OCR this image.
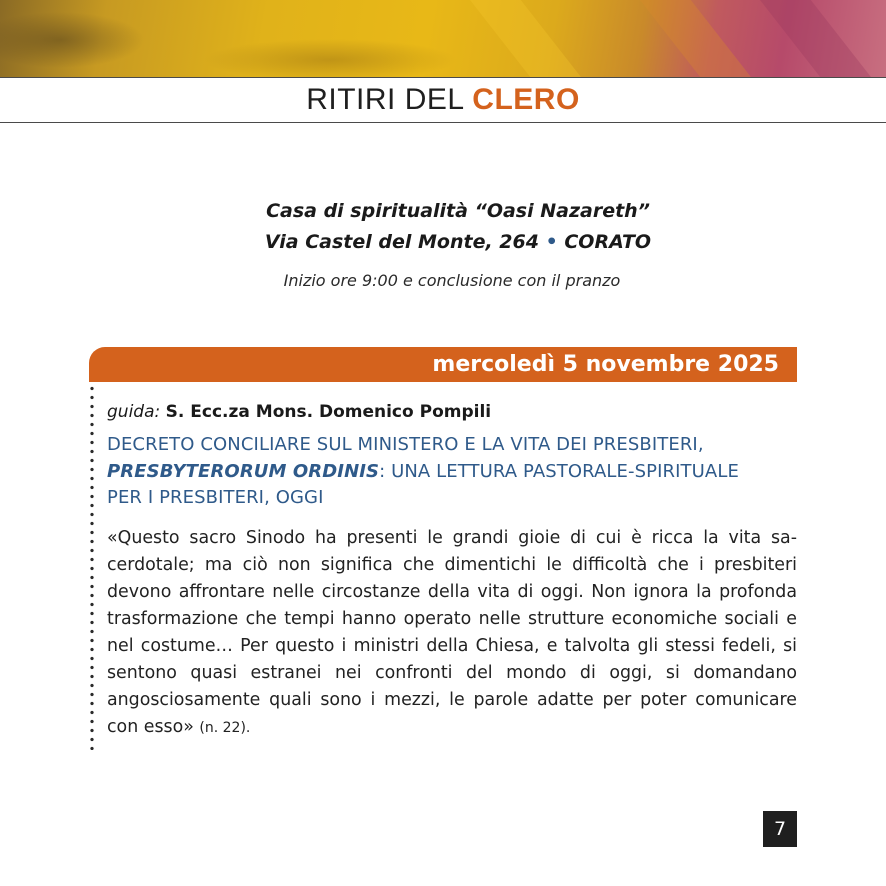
RITIRI DEL CLERO
Casa di spiritualità “Oasi Nazareth”
Via Castel del Monte, 264 • CORATO
Inizio ore 9:00 e conclusione con il pranzo
mercoledì 5 novembre 2025
guida: S. Ecc.za Mons. Domenico Pompili
DECRETO CONCILIARE SUL MINISTERO E LA VITA DEI PRESBITERI,
PRESBYTERORUM ORDINIS: UNA LETTURA PASTORALE-SPIRITUALE
PER I PRESBITERI, OGGI

«Questo sacro Sinodo ha presenti le grandi gioie di cui è ricca la vita sacerdotale; ma ciò non significa che dimentichi le difficoltà che i presbiteri devono affrontare nelle circostanze della vita di oggi. Non ignora la profonda trasformazione che tempi hanno operato nelle strutture economiche sociali e nel costume… Per questo i ministri della Chiesa, e talvolta gli stessi fedeli, si sentono quasi estranei nei confronti del mondo di oggi, si domandano angosciosamente quali sono i mezzi, le parole adatte per poter comunicare con esso» (n. 22).

7
